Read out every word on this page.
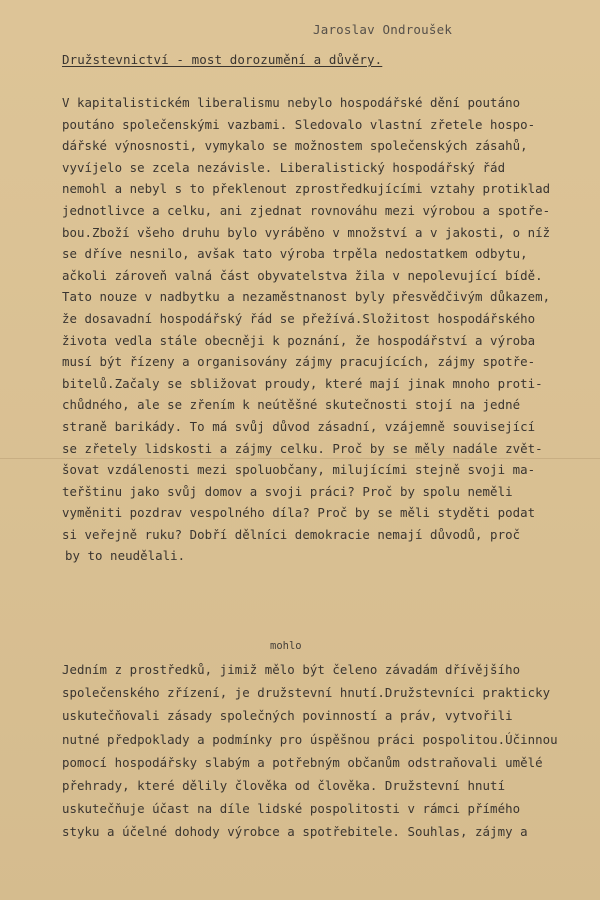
Jaroslav Ondroušek
Družstevnictví - most dorozumění a důvěry.
V kapitalistickém liberalismu nebylo hospodářské dění poutáno
poutáno společenskými vazbami. Sledovalo vlastní zřetele hospo-
dářské výnosnosti, vymykalo se možnostem společenských zásahů,
vyvíjelo se zcela nezávisle. Liberalistický hospodářský řád
nemohl a nebyl s to překlenout zprostředkujícími vztahy protiklad
jednotlivce a celku, ani zjednat rovnováhu mezi výrobou a spotře-
bou.Zboží všeho druhu bylo vyráběno v množství a v jakosti, o níž
se dříve nesnilo, avšak tato výroba trpěla nedostatkem odbytu,
ačkoli zároveň valná část obyvatelstva žila v nepolevující bídě.
Tato nouze v nadbytku a nezaměstnanost byly přesvědčivým důkazem,
že dosavadní hospodářský řád se přežívá.Složitost hospodářského
života vedla stále obecněji k poznání, že hospodářství a výroba
musí být řízeny a organisovány zájmy pracujících, zájmy spotře-
bitelů.Začaly se sbližovat proudy, které mají jinak mnoho proti-
chůdného, ale se zřením k neútěšné skutečnosti stojí na jedné
straně barikády. To má svůj důvod zásadní, vzájemně související
se zřetely lidskosti a zájmy celku. Proč by se měly nadále zvět-
šovat vzdálenosti mezi spoluobčany, milujícími stejně svoji ma-
teřštinu jako svůj domov a svoji práci? Proč by spolu neměli
vyměniti pozdrav vespolného díla? Proč by se měli styděti podat
si veřejně ruku? Dobří dělníci demokracie nemají důvodů, proč
by to neudělali.
mohlo
Jedním z prostředků, jimiž mělo být čeleno závadám dřívějšího
společenského zřízení, je družstevní hnutí.Družstevníci prakticky
uskutečňovali zásady společných povinností a práv, vytvořili
nutné předpoklady a podmínky pro úspěšnou práci pospolitou.Účinnou
pomocí hospodářsky slabým a potřebným občanům odstraňovali umělé
přehrady, které dělily člověka od člověka. Družstevní hnutí
uskutečňuje účast na díle lidské pospolitosti v rámci přímého
styku a účelné dohody výrobce a spotřebitele. Souhlas, zájmy a
